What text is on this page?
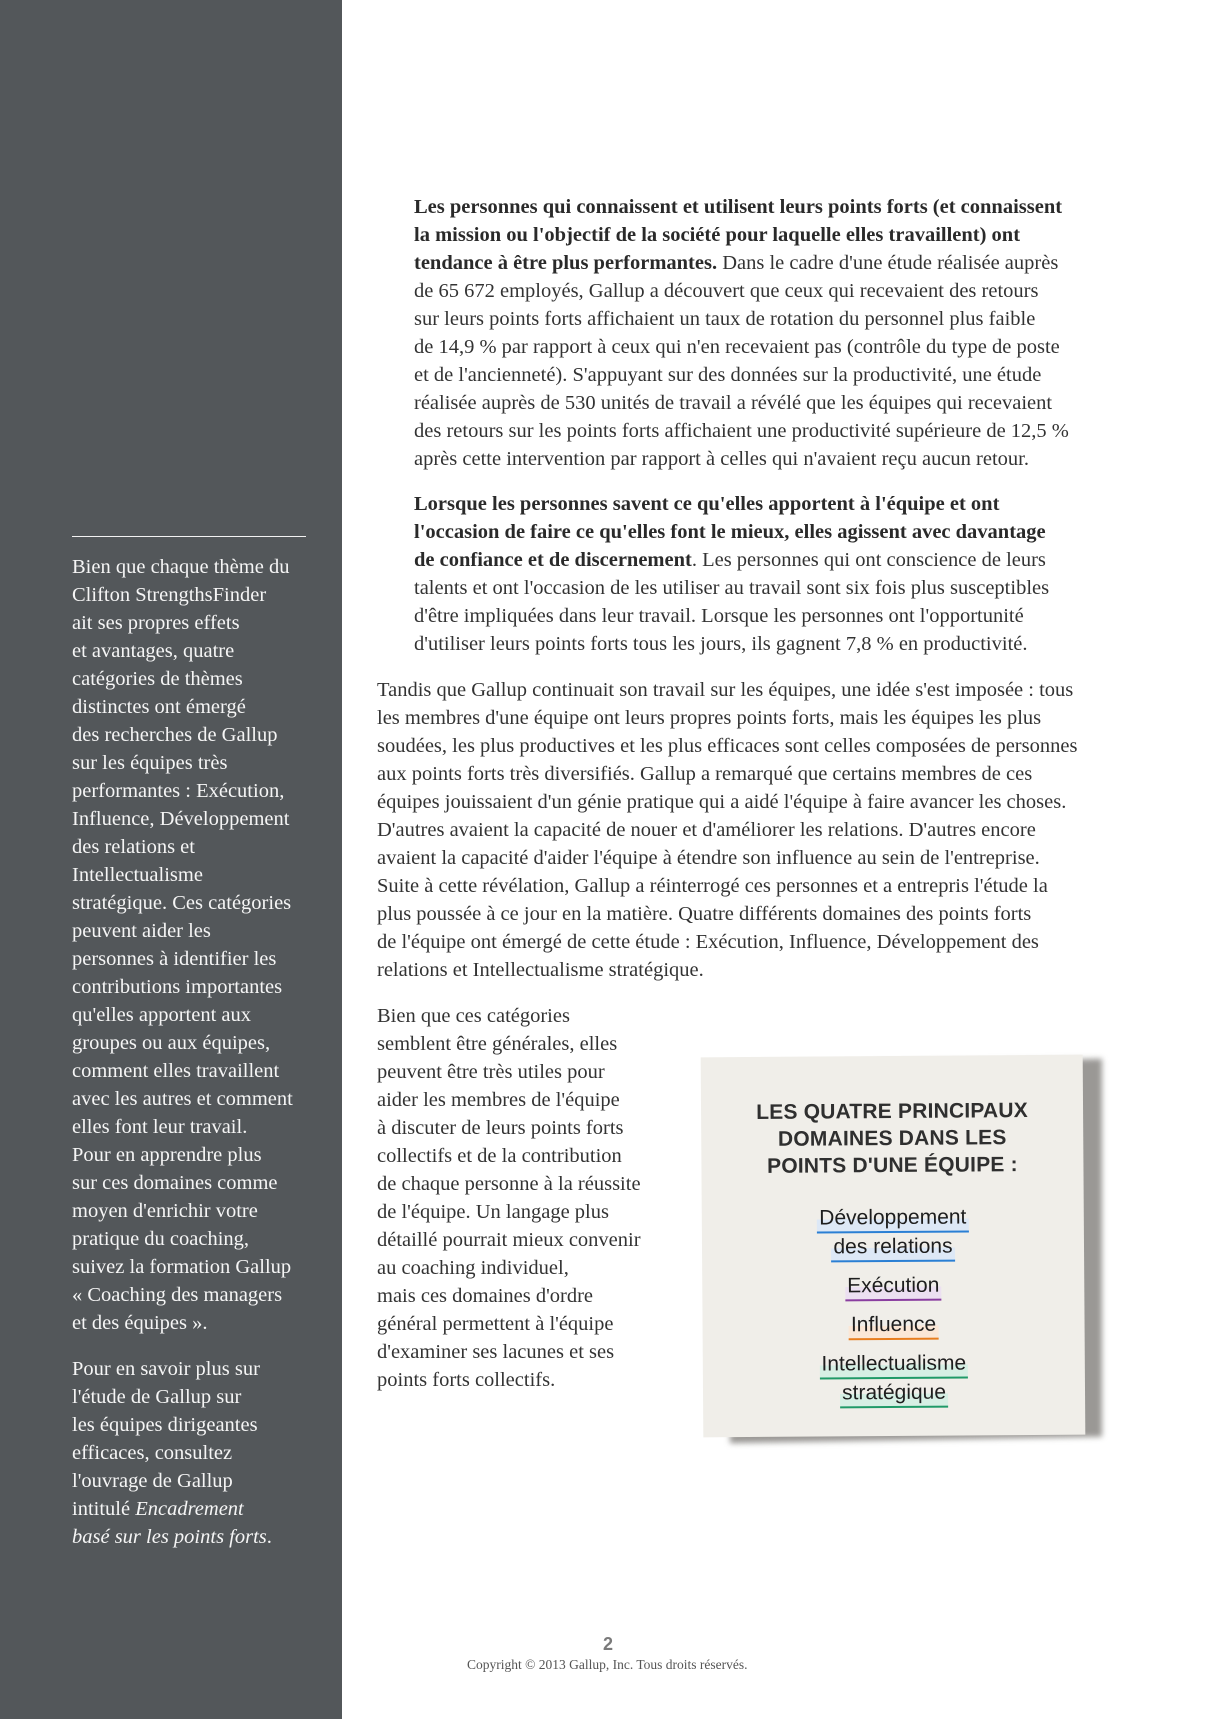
Bien que chaque thème du
Clifton StrengthsFinder
ait ses propres effets
et avantages, quatre
catégories de thèmes
distinctes ont émergé
des recherches de Gallup
sur les équipes très
performantes : Exécution,
Influence, Développement
des relations et
Intellectualisme
stratégique. Ces catégories
peuvent aider les
personnes à identifier les
contributions importantes
qu'elles apportent aux
groupes ou aux équipes,
comment elles travaillent
avec les autres et comment
elles font leur travail.
Pour en apprendre plus
sur ces domaines comme
moyen d'enrichir votre
pratique du coaching,
suivez la formation Gallup
« Coaching des managers
et des équipes ».

Pour en savoir plus sur
l'étude de Gallup sur
les équipes dirigeantes
efficaces, consultez
l'ouvrage de Gallup
intitulé Encadrement
basé sur les points forts.

Les personnes qui connaissent et utilisent leurs points forts (et connaissent
la mission ou l'objectif de la société pour laquelle elles travaillent) ont
tendance à être plus performantes. Dans le cadre d'une étude réalisée auprès
de 65 672 employés, Gallup a découvert que ceux qui recevaient des retours
sur leurs points forts affichaient un taux de rotation du personnel plus faible
de 14,9 % par rapport à ceux qui n'en recevaient pas (contrôle du type de poste
et de l'ancienneté). S'appuyant sur des données sur la productivité, une étude
réalisée auprès de 530 unités de travail a révélé que les équipes qui recevaient
des retours sur les points forts affichaient une productivité supérieure de 12,5 %
après cette intervention par rapport à celles qui n'avaient reçu aucun retour.
Lorsque les personnes savent ce qu'elles apportent à l'équipe et ont
l'occasion de faire ce qu'elles font le mieux, elles agissent avec davantage
de confiance et de discernement. Les personnes qui ont conscience de leurs
talents et ont l'occasion de les utiliser au travail sont six fois plus susceptibles
d'être impliquées dans leur travail. Lorsque les personnes ont l'opportunité
d'utiliser leurs points forts tous les jours, ils gagnent 7,8 % en productivité.
Tandis que Gallup continuait son travail sur les équipes, une idée s'est imposée : tous
les membres d'une équipe ont leurs propres points forts, mais les équipes les plus
soudées, les plus productives et les plus efficaces sont celles composées de personnes
aux points forts très diversifiés. Gallup a remarqué que certains membres de ces
équipes jouissaient d'un génie pratique qui a aidé l'équipe à faire avancer les choses.
D'autres avaient la capacité de nouer et d'améliorer les relations. D'autres encore
avaient la capacité d'aider l'équipe à étendre son influence au sein de l'entreprise.
Suite à cette révélation, Gallup a réinterrogé ces personnes et a entrepris l'étude la
plus poussée à ce jour en la matière. Quatre différents domaines des points forts
de l'équipe ont émergé de cette étude : Exécution, Influence, Développement des
relations et Intellectualisme stratégique.
Bien que ces catégories
semblent être générales, elles
peuvent être très utiles pour
aider les membres de l'équipe
à discuter de leurs points forts
collectifs et de la contribution
de chaque personne à la réussite
de l'équipe. Un langage plus
détaillé pourrait mieux convenir
au coaching individuel,
mais ces domaines d'ordre
général permettent à l'équipe
d'examiner ses lacunes et ses
points forts collectifs.
LES QUATRE PRINCIPAUX
DOMAINES DANS LES
POINTS D'UNE ÉQUIPE :
Développement
des relations
Exécution
Influence
Intellectualisme
stratégique
2
Copyright © 2013 Gallup, Inc. Tous droits réservés.
